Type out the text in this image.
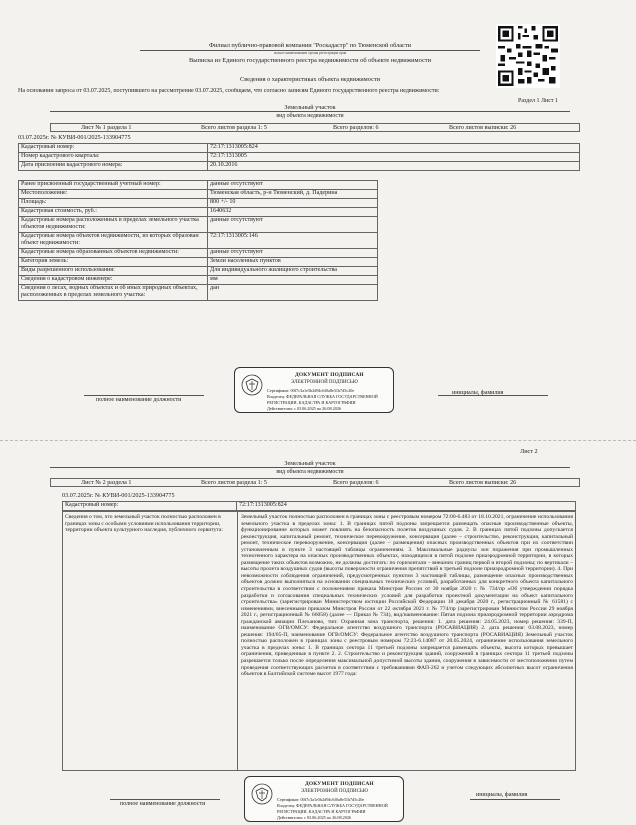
Филиал публично-правовой компании "Роскадастр" по Тюменской области
полное наименование органа регистрации прав
Выписка из Единого государственного реестра недвижимости об объекте недвижимости
Сведения о характеристиках объекта недвижимости
На основании запроса от 03.07.2025, поступившего на рассмотрение 03.07.2025, сообщаем, что согласно записям Единого государственного реестра недвижимости:
Раздел 1 Лист 1
Земельный участок
вид объекта недвижимости
Лист № 1 раздела 1	Всего листов раздела 1: 5	Всего разделов: 6	Всего листов выписки: 26
03.07.2025г. № КУВИ-001/2025-133904775
Кадастровый номер:	72:17:1313005:824
Номер кадастрового квартала:	72:17:1313005
Дата присвоения кадастрового номера:	20.10.2016
Ранее присвоенный государственный учетный номер:	данные отсутствуют	
Местоположение:	Тюменская область, р-н Тюменский, д. Падерина	
Площадь:	800 +/- 10	
Кадастровая стоимость, руб.:	1640632	
Кадастровые номера расположенных в пределах земельного участка объектов недвижимости:	данные отсутствуют	
Кадастровые номера объектов недвижимости, из которых образован объект недвижимости:	72:17:1313005:146	
Кадастровые номера образованных объектов недвижимости:	данные отсутствуют	
Категория земель:	Земли населенных пунктов	
Виды разрешенного использования:	Для индивидуального жилищного строительства	
Сведения о кадастровом инженере:	мм	
Сведения о лесах, водных объектах и об иных природных объектах, расположенных в пределах земельного участка:	дан	
полное наименование должности
инициалы, фамилия
ДОКУМЕНТ ПОДПИСАН
ЭЛЕКТРОННОЙ ПОДПИСЬЮ
Сертификат: 00f7c3a1e5b2d94c6f0a8e31b7d5c20e
Владелец: ФЕДЕРАЛЬНАЯ СЛУЖБА ГОСУДАРСТВЕННОЙ
РЕГИСТРАЦИИ, КАДАСТРА И КАРТОГРАФИИ
Действителен: с 03.06.2025 по 26.08.2026
Лист 2
Земельный участок
вид объекта недвижимости
Лист № 2 раздела 1	Всего листов раздела 1: 5	Всего разделов: 6	Всего листов выписки: 26
03.07.2025г. № КУВИ-001/2025-133904775
Кадастровый номер:	72:17:1313005:824
Сведения о том, что земельный участок полностью расположен в границах зоны с особыми условиями использования территории, территории объекта культурного наследия, публичного сервитута:
Земельный участок полностью расположен в границах зоны с реестровым номером 72:00-6.483 от 18.10.2021, ограничение использования земельного участка в пределах зоны: 1. В границах пятой подзоны запрещается размещать опасные производственные объекты, функционирование которых может повлиять на безопасность полетов воздушных судов. 2. В границах пятой подзоны допускается реконструкция, капитальный ремонт, техническое перевооружение, консервация (далее – строительство, реконструкция, капитальный ремонт, техническое перевооружение, консервация (далее – размещения) опасных производственных объектов при их соответствии установленным в пункте 3 настоящей таблицы ограничениям. 3. Максимальные радиусы зон поражения при промышленных техногенного характера на опасных производственных объектах, находящихся в пятой подзоне приаэродромной территории, в которых размещение таких объектов возможно, не должны достигать: по горизонтали – внешних границ первой и второй подзоны; по вертикали – высоты пролета воздушных судов (высоты поверхности ограничения препятствий в третьей подзоне приаэродромной территории). 4. При невозможности соблюдения ограничений, предусмотренных пунктом 3 настоящей таблицы, размещение опасных производственных объектов должно выполняться на основании специальных технических условий, разработанных для конкретного объекта капитального строительства в соответствии с положениями приказа Минстроя России от 30 ноября 2020 г. № 734/пр «Об утверждении порядка разработки и согласования специальных технических условий для разработки проектной документации на объект капитального строительства» (зарегистрирован Министерством юстиции Российской Федерации 18 декабря 2020 г., регистрационный № 61581) с изменениями, внесенными приказом Минстроя России от 22 октября 2021 г. № 774/пр (зарегистрирован Минюстом России 29 ноября 2021 г., регистрационный № 66058) (далее — Приказ № 734), вид/наименование: Пятая подзона приаэродромной территории аэродрома гражданской авиации Плеханово, тип: Охранная зона транспорта, решения: 1. дата решения: 24.05.2023, номер решения: 339-П, наименование ОГВ/ОМСУ: Федеральное агентство воздушного транспорта (РОСАВИАЦИЯ) 2. дата решения: 03.08.2023, номер решения: 194/05-П, наименование ОГВ/ОМСУ: Федеральное агентство воздушного транспорта (РОСАВИАЦИЯ) Земельный участок полностью расположен в границах зоны с реестровым номером 72:23-6.14087 от 20.05.2024, ограничение использования земельного участка в пределах зоны: 1. В границах сектора 11 третьей подзоны запрещается размещать объекты, высота которых превышает ограничения, приведенные в пункте 2. 2. Строительство и реконструкция зданий, сооружений в границах сектора 11 третьей подзоны разрешается только после определения максимальной допустимой высоты здания, сооружения в зависимости от местоположения путем проведения соответствующих расчетов в соответствии с требованиями ФАП-262 и учетом следующих абсолютных высот ограничения объектов в Балтийской системе высот 1977 года:
полное наименование должности
инициалы, фамилия
ДОКУМЕНТ ПОДПИСАН
ЭЛЕКТРОННОЙ ПОДПИСЬЮ
Сертификат: 00f7c3a1e5b2d94c6f0a8e31b7d5c20e
Владелец: ФЕДЕРАЛЬНАЯ СЛУЖБА ГОСУДАРСТВЕННОЙ
РЕГИСТРАЦИИ, КАДАСТРА И КАРТОГРАФИИ
Действителен: с 03.06.2025 по 26.08.2026
